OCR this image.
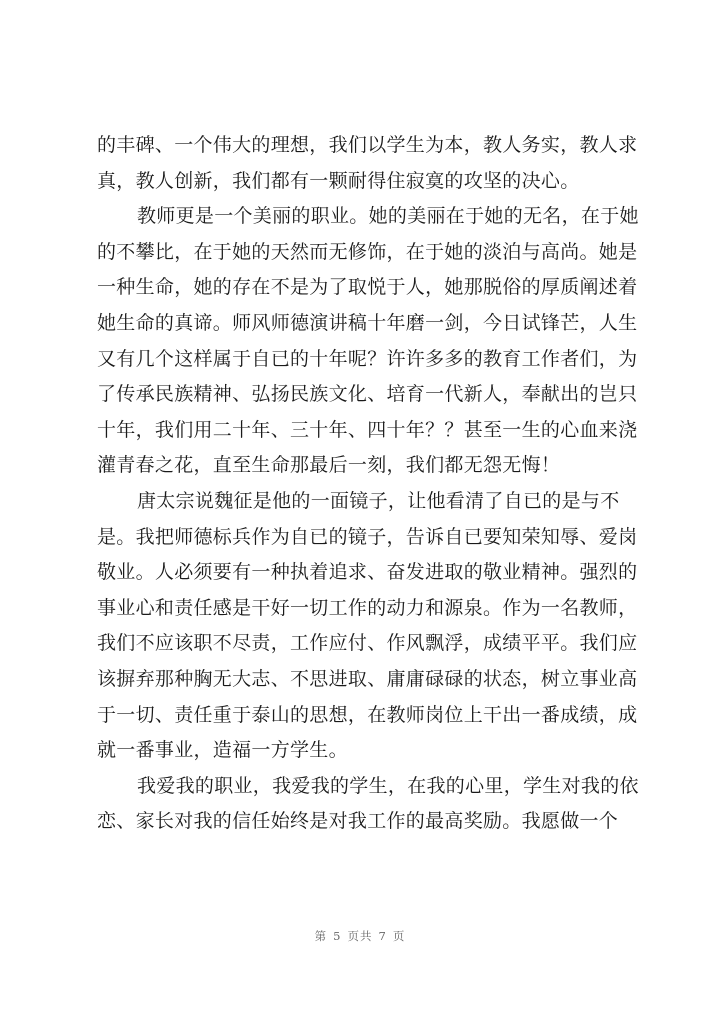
的丰碑、一个伟大的理想，我们以学生为本，教人务实，教人求
真，教人创新，我们都有一颗耐得住寂寞的攻坚的决心。
教师更是一个美丽的职业。她的美丽在于她的无名，在于她
的不攀比，在于她的天然而无修饰，在于她的淡泊与高尚。她是
一种生命，她的存在不是为了取悦于人，她那脱俗的厚质阐述着
她生命的真谛。师风师德演讲稿十年磨一剑，今日试锋芒，人生
又有几个这样属于自已的十年呢？许许多多的教育工作者们，为
了传承民族精神、弘扬民族文化、培育一代新人，奉献出的岂只
十年，我们用二十年、三十年、四十年？？甚至一生的心血来浇
灌青春之花，直至生命那最后一刻，我们都无怨无悔！
唐太宗说魏征是他的一面镜子，让他看清了自已的是与不
是。我把师德标兵作为自已的镜子，告诉自已要知荣知辱、爱岗
敬业。人必须要有一种执着追求、奋发进取的敬业精神。强烈的
事业心和责任感是干好一切工作的动力和源泉。作为一名教师，
我们不应该职不尽责，工作应付、作风飘浮，成绩平平。我们应
该摒弃那种胸无大志、不思进取、庸庸碌碌的状态，树立事业高
于一切、责任重于泰山的思想，在教师岗位上干出一番成绩，成
就一番事业，造福一方学生。
我爱我的职业，我爱我的学生，在我的心里，学生对我的依
恋、家长对我的信任始终是对我工作的最高奖励。我愿做一个
第 5 页共 7 页
